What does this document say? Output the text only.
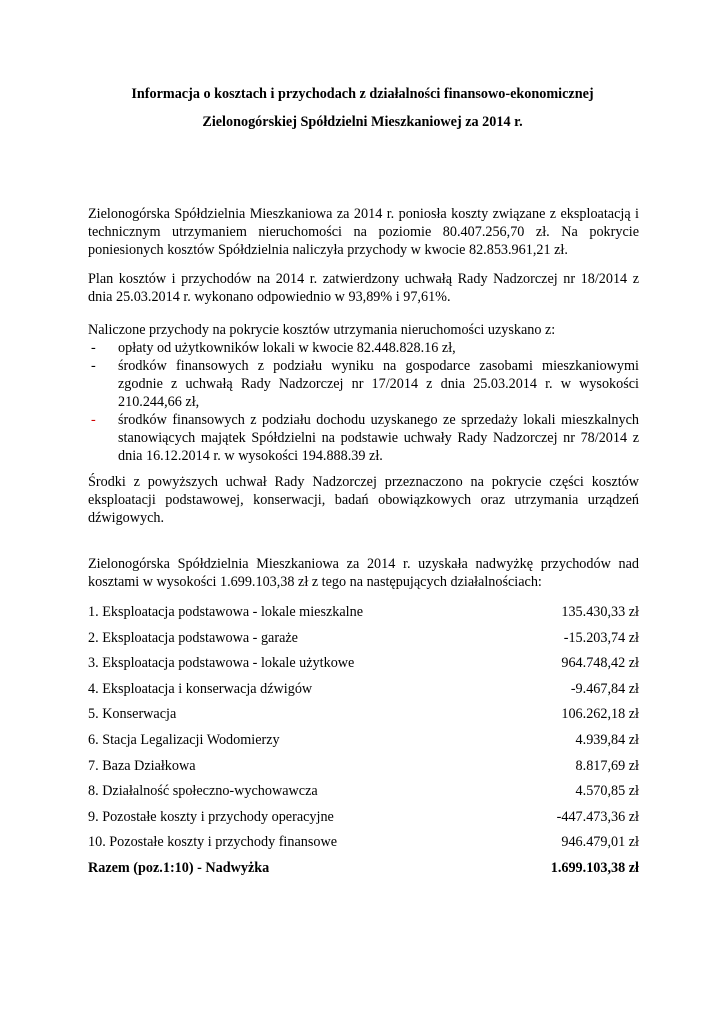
Informacja o kosztach i przychodach z działalności finansowo-ekonomicznej
Zielonogórskiej Spółdzielni Mieszkaniowej za 2014 r.
Zielonogórska Spółdzielnia Mieszkaniowa za 2014 r. poniosła koszty związane z eksploatacją i technicznym utrzymaniem nieruchomości na poziomie 80.407.256,70 zł. Na pokrycie poniesionych kosztów Spółdzielnia naliczyła przychody w kwocie 82.853.961,21 zł.
Plan kosztów i przychodów na 2014 r. zatwierdzony uchwałą Rady Nadzorczej nr 18/2014 z dnia 25.03.2014 r. wykonano odpowiednio w 93,89% i 97,61%.
Naliczone przychody na pokrycie kosztów utrzymania nieruchomości uzyskano z:
- opłaty od użytkowników lokali w kwocie 82.448.828.16 zł,
- środków finansowych z podziału wyniku na gospodarce zasobami mieszkaniowymi zgodnie z uchwałą Rady Nadzorczej nr 17/2014 z dnia 25.03.2014 r. w wysokości 210.244,66 zł,
- środków finansowych z podziału dochodu uzyskanego ze sprzedaży lokali mieszkalnych stanowiących majątek Spółdzielni na podstawie uchwały Rady Nadzorczej nr 78/2014 z dnia 16.12.2014 r. w wysokości 194.888.39 zł.
Środki z powyższych uchwał Rady Nadzorczej przeznaczono na pokrycie części kosztów eksploatacji podstawowej, konserwacji, badań obowiązkowych oraz utrzymania urządzeń dźwigowych.
Zielonogórska Spółdzielnia Mieszkaniowa za 2014 r. uzyskała nadwyżkę przychodów nad kosztami w wysokości 1.699.103,38 zł z tego na następujących działalnościach:
1. Eksploatacja podstawowa - lokale mieszkalne	135.430,33 zł
2. Eksploatacja podstawowa - garaże	-15.203,74 zł
3. Eksploatacja podstawowa - lokale użytkowe	964.748,42 zł
4. Eksploatacja i konserwacja dźwigów	-9.467,84 zł
5. Konserwacja	106.262,18 zł
6. Stacja Legalizacji Wodomierzy	4.939,84 zł
7. Baza Działkowa	8.817,69 zł
8. Działalność społeczno-wychowawcza	4.570,85 zł
9. Pozostałe koszty i przychody operacyjne	-447.473,36 zł
10. Pozostałe koszty i przychody finansowe	946.479,01 zł
Razem (poz.1:10) - Nadwyżka	1.699.103,38 zł
